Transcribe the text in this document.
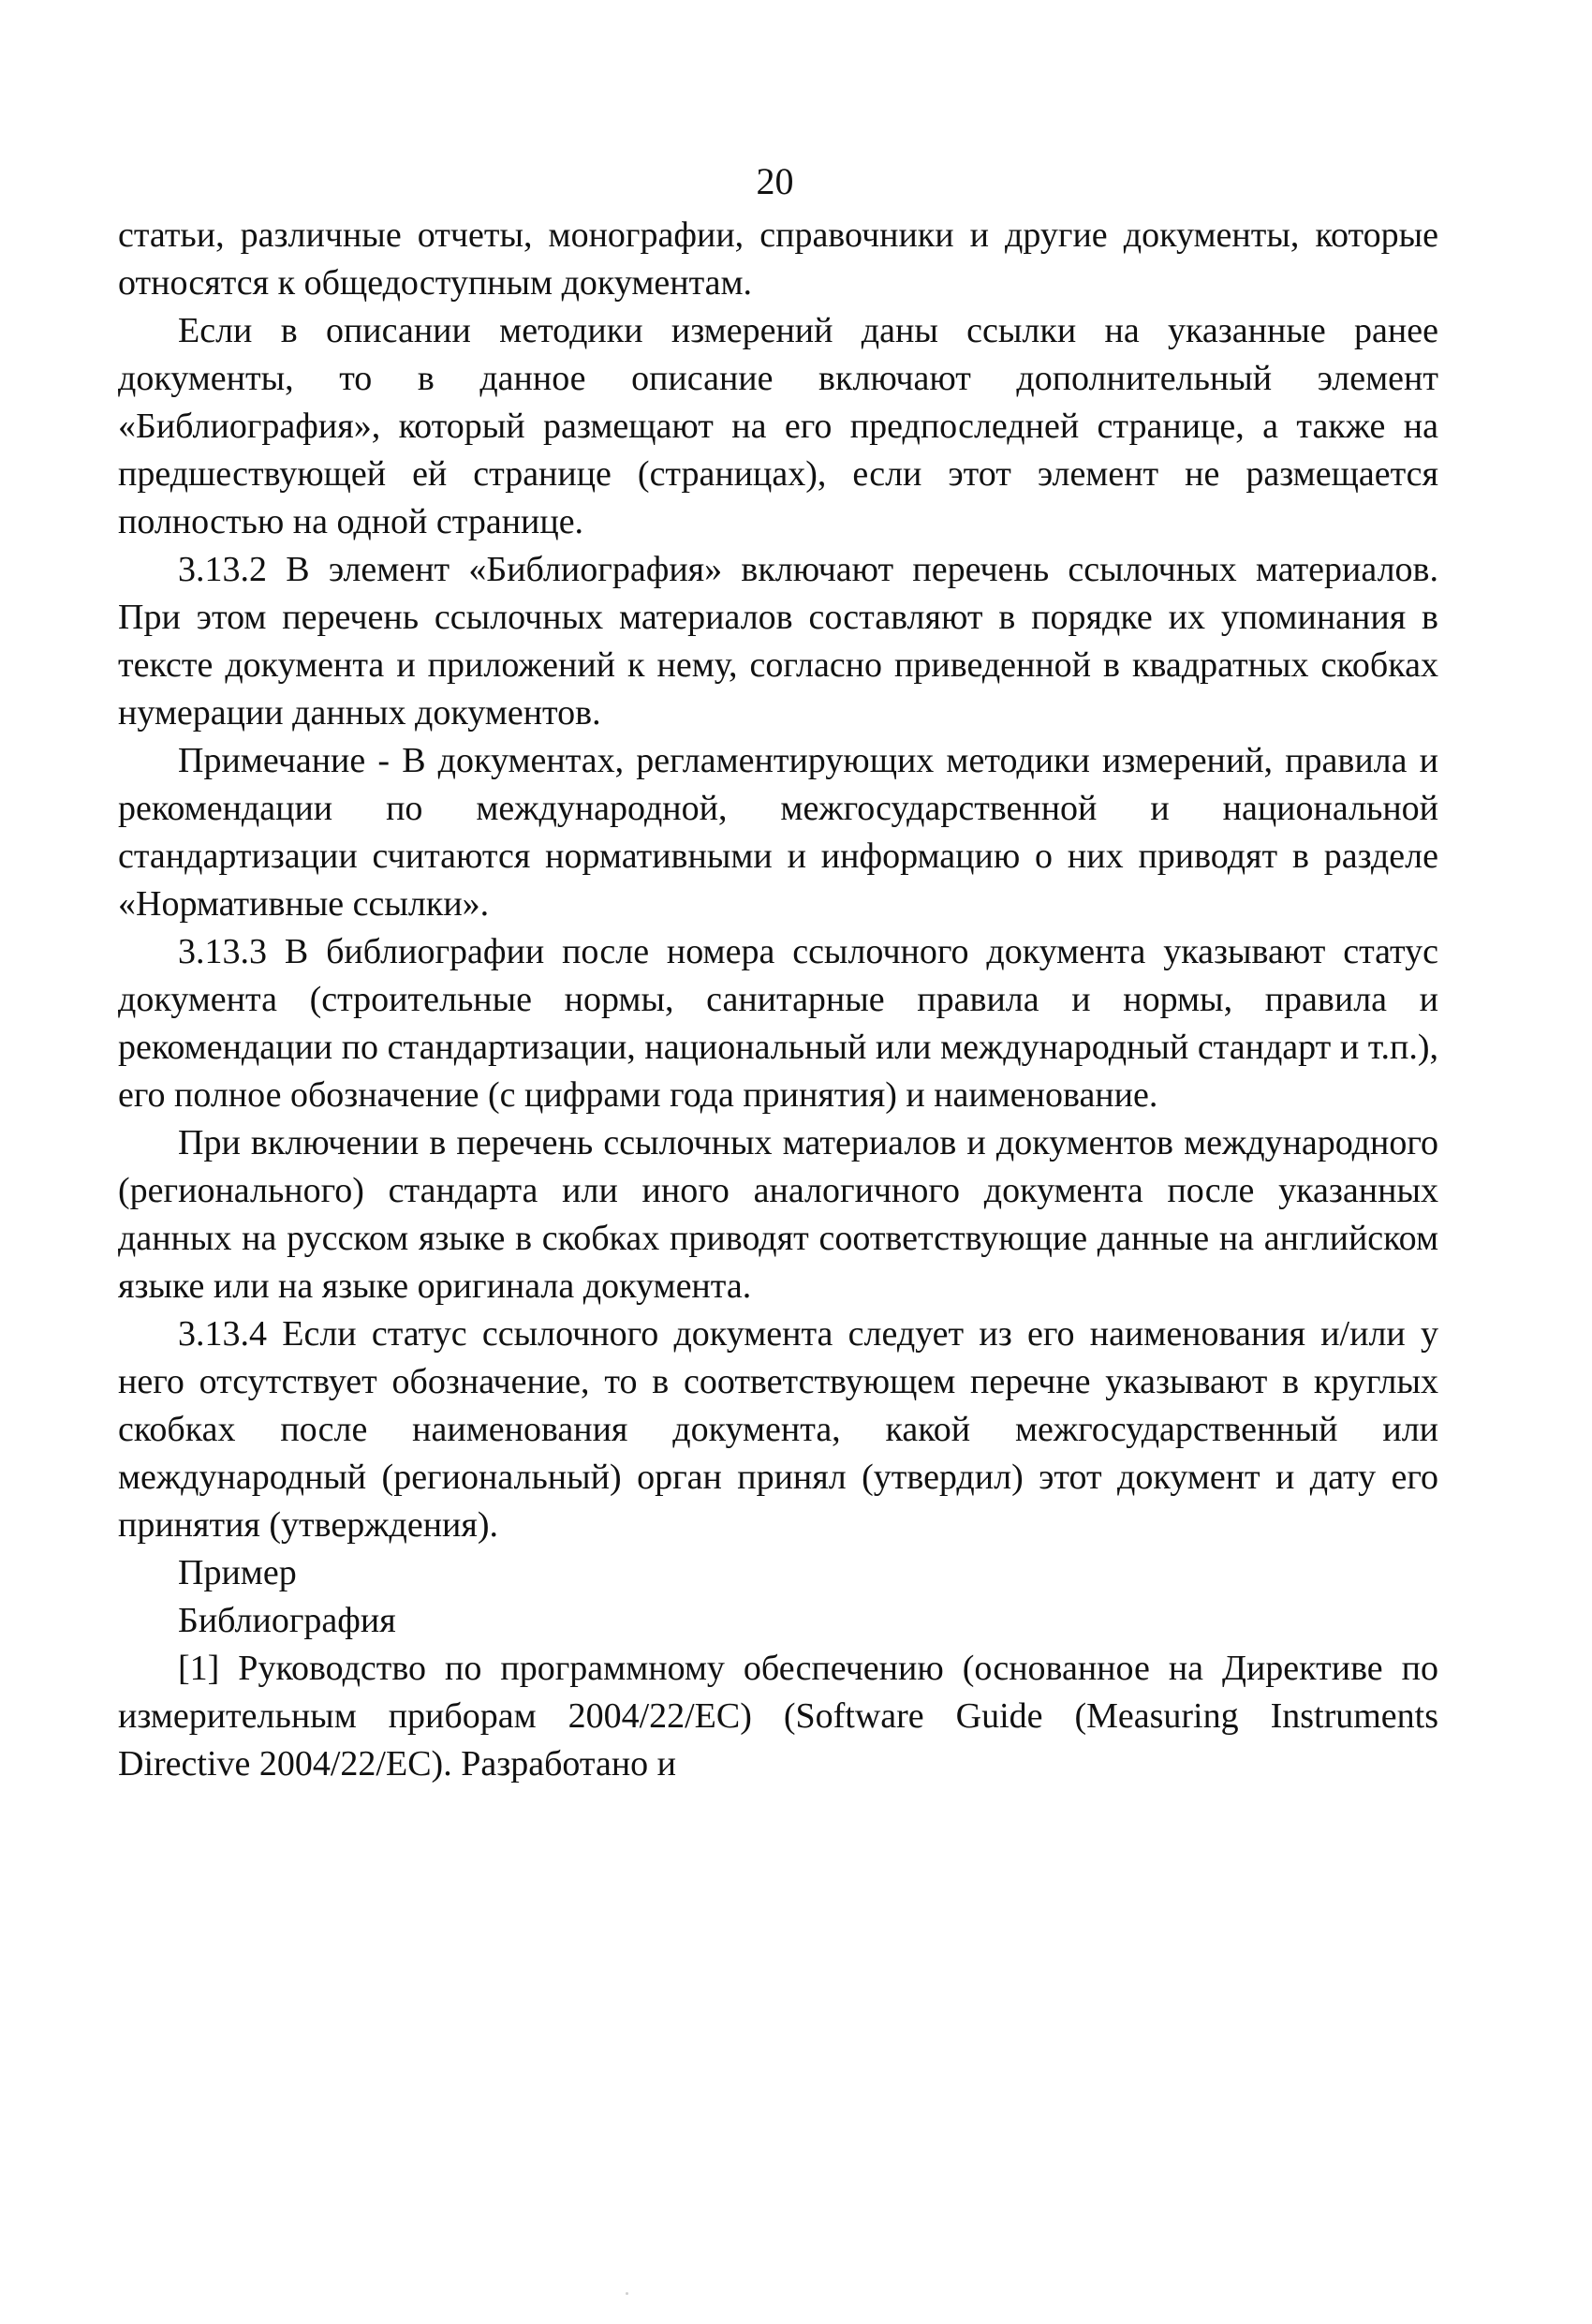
20

статьи, различные отчеты, монографии, справочники и другие документы, которые относятся к общедоступным документам.

Если в описании методики измерений даны ссылки на указанные ранее документы, то в данное описание включают дополнительный элемент «Библиография», который размещают на его предпоследней странице, а также на предшествующей ей странице (страницах), если этот элемент не размещается полностью на одной странице.

3.13.2 В элемент «Библиография» включают перечень ссылочных материалов. При этом перечень ссылочных материалов составляют в порядке их упоминания в тексте документа и приложений к нему, согласно приведенной в квадратных скобках нумерации данных документов.

Примечание - В документах, регламентирующих методики измерений, правила и рекомендации по международной, межгосударственной и национальной стандартизации считаются нормативными и информацию о них приводят в разделе «Нормативные ссылки».

3.13.3 В библиографии после номера ссылочного документа указывают статус документа (строительные нормы, санитарные правила и нормы, правила и рекомендации по стандартизации, национальный или международный стандарт и т.п.), его полное обозначение (с цифрами года принятия) и наименование.

При включении в перечень ссылочных материалов и документов международного (регионального) стандарта или иного аналогичного документа после указанных данных на русском языке в скобках приводят соответствующие данные на английском языке или на языке оригинала документа.

3.13.4 Если статус ссылочного документа следует из его наименования и/или у него отсутствует обозначение, то в соответствующем перечне указывают в круглых скобках после наименования документа, какой межгосударственный или международный (региональный) орган принял (утвердил) этот документ и дату его принятия (утверждения).

Пример

Библиография

[1] Руководство по программному обеспечению (основанное на Директиве по измерительным приборам 2004/22/EC) (Software Guide (Measuring Instruments Directive 2004/22/EC). Разработано и
